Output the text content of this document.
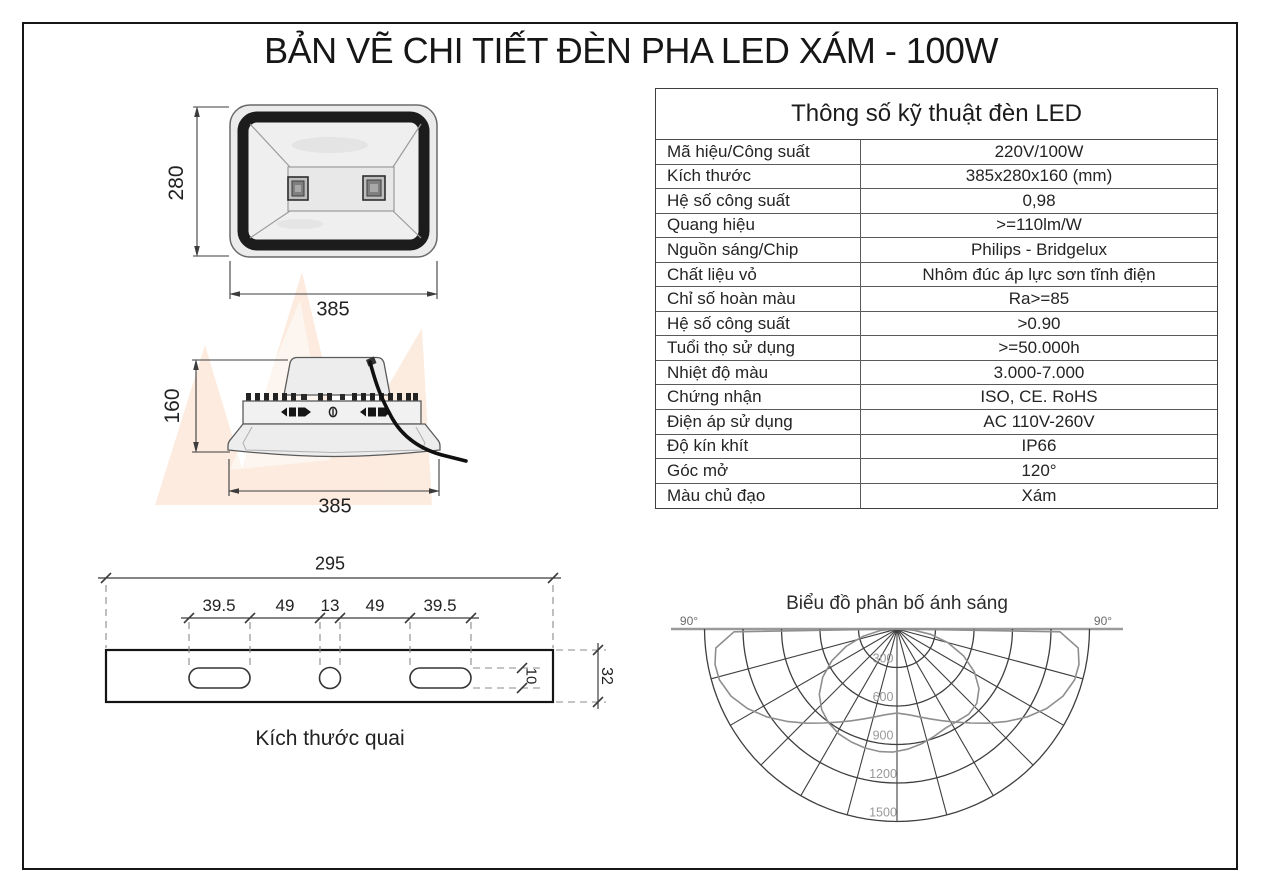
BẢN VẼ CHI TIẾT ĐÈN PHA LED XÁM - 100W
300
600
900
1200
1500
280
385
160
385
295
39.5 49 13 49 39.5
10	32
Kích thước quai
Thông số kỹ thuật đèn LED
Mã hiệu/Công suất	220V/100W
Kích thước	385x280x160 (mm)
Hệ số công suất	0,98
Quang hiệu	>=110lm/W
Nguồn sáng/Chip	Philips - Bridgelux
Chất liệu vỏ	Nhôm đúc áp lực sơn tĩnh điện
Chỉ số hoàn màu	Ra>=85
Hệ số công suất	>0.90
Tuổi thọ sử dụng	>=50.000h
Nhiệt độ màu	3.000-7.000
Chứng nhận	ISO, CE. RoHS
Điện áp sử dụng	AC 110V-260V
Độ kín khít	IP66
Góc mở	120°
Màu chủ đạo	Xám
Biểu đồ phân bố ánh sáng
90°	90°
